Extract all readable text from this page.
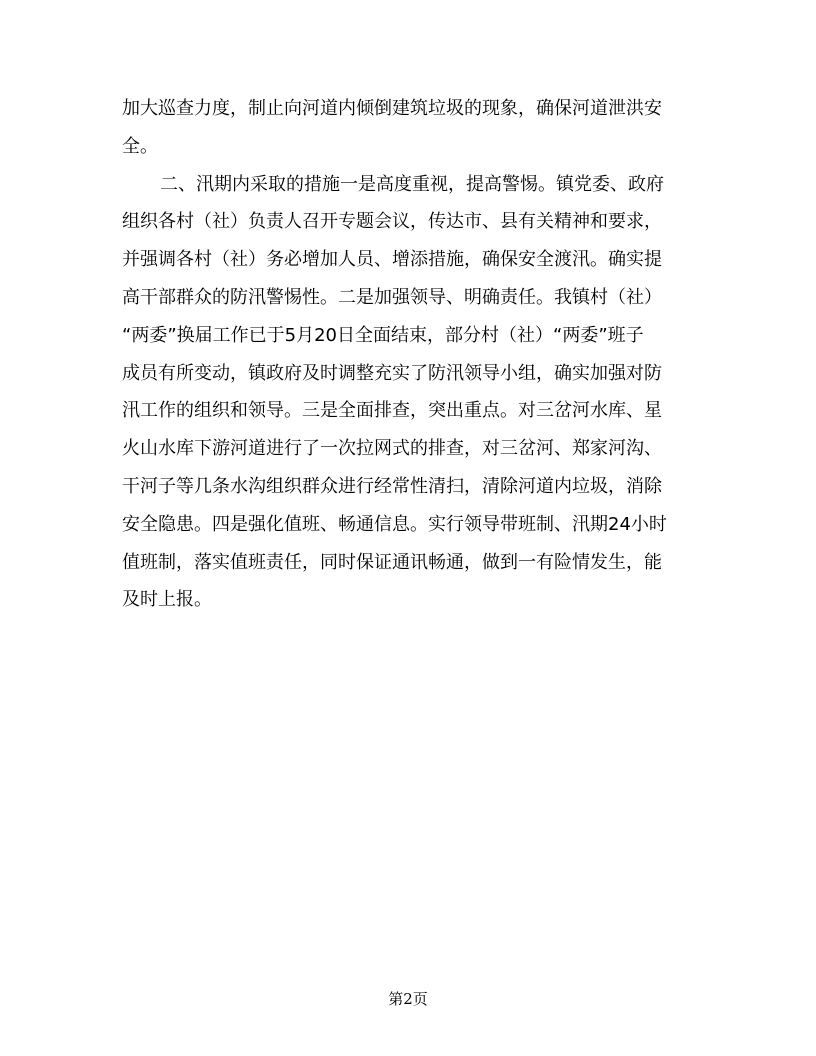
加大巡查力度，制止向河道内倾倒建筑垃圾的现象，确保河道泄洪安
全。
二、汛期内采取的措施一是高度重视，提高警惕。镇党委、政府
组织各村（社）负责人召开专题会议，传达市、县有关精神和要求，
并强调各村（社）务必增加人员、增添措施，确保安全渡汛。确实提
高干部群众的防汛警惕性。二是加强领导、明确责任。我镇村（社）
“两委”换届工作已于5月20日全面结束，部分村（社）“两委”班子
成员有所变动，镇政府及时调整充实了防汛领导小组，确实加强对防
汛工作的组织和领导。三是全面排查，突出重点。对三岔河水库、星
火山水库下游河道进行了一次拉网式的排查，对三岔河、郑家河沟、
干河子等几条水沟组织群众进行经常性清扫，清除河道内垃圾，消除
安全隐患。四是强化值班、畅通信息。实行领导带班制、汛期24小时
值班制，落实值班责任，同时保证通讯畅通，做到一有险情发生，能
及时上报。
第2页
